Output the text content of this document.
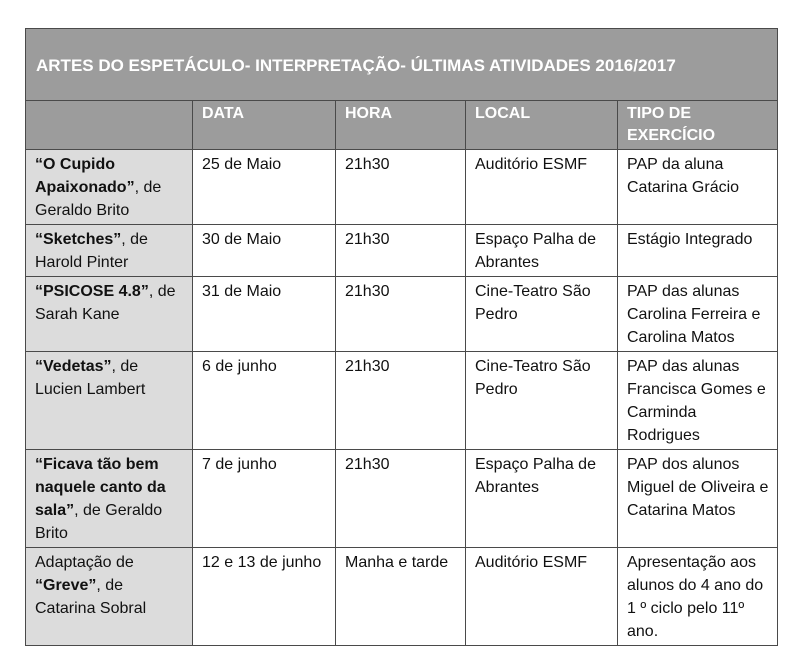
ARTES DO ESPETÁCULO- INTERPRETAÇÃO- ÚLTIMAS ATIVIDADES 2016/2017				
	DATA	HORA	LOCAL	TIPO DE EXERCÍCIO
“O Cupido Apaixonado”, de Geraldo Brito	25 de Maio	21h30	Auditório ESMF	PAP da aluna Catarina Grácio
“Sketches”, de Harold Pinter	30 de Maio	21h30	Espaço Palha de Abrantes	Estágio Integrado
“PSICOSE 4.8”, de Sarah Kane	31 de Maio	21h30	Cine-Teatro São Pedro	PAP das alunas Carolina Ferreira e Carolina Matos
“Vedetas”, de Lucien Lambert	6 de junho	21h30	Cine-Teatro São Pedro	PAP das alunas Francisca Gomes e Carminda Rodrigues
“Ficava tão bem naquele canto da sala”, de Geraldo Brito	7 de junho	21h30	Espaço Palha de Abrantes	PAP dos alunos Miguel de Oliveira e Catarina Matos
Adaptação de “Greve”, de Catarina Sobral	12 e 13 de junho	Manha e tarde	Auditório ESMF	Apresentação aos alunos do 4 ano do 1 º ciclo pelo 11º ano.
